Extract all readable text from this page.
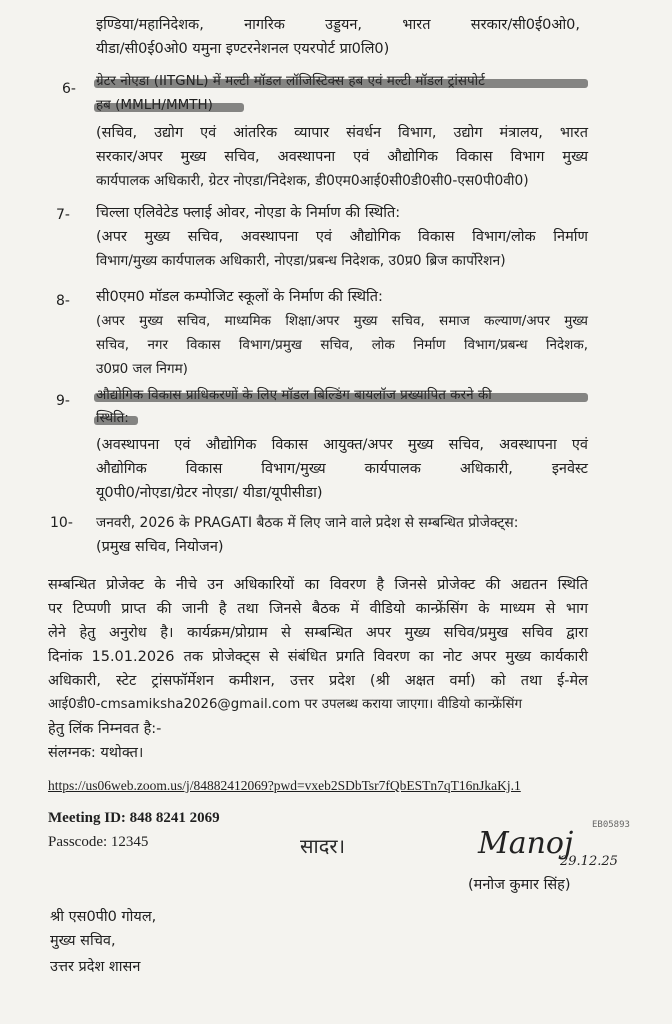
इण्डिया/महानिदेशक, नागरिक उड्डयन, भारत सरकार/सी0ई0ओ0,
यीडा/सी0ई0ओ0 यमुना इण्टरनेशनल एयरपोर्ट प्रा0लि0)
6-
(सचिव, उद्योग एवं आंतरिक व्यापार संवर्धन विभाग, उद्योग मंत्रालय, भारत
सरकार/अपर मुख्य सचिव, अवस्थापना एवं औद्योगिक विकास विभाग मुख्य
कार्यपालक अधिकारी, ग्रेटर नोएडा/निदेशक, डी0एम0आई0सी0डी0सी0-एस0पी0वी0)
7- चिल्ला एलिवेटेड फ्लाई ओवर, नोएडा के निर्माण की स्थिति:
(अपर मुख्य सचिव, अवस्थापना एवं औद्योगिक विकास विभाग/लोक निर्माण
विभाग/मुख्य कार्यपालक अधिकारी, नोएडा/प्रबन्ध निदेशक, उ0प्र0 ब्रिज कार्पोरेशन)
8- सी0एम0 मॉडल कम्पोजिट स्कूलों के निर्माण की स्थिति:
(अपर मुख्य सचिव, माध्यमिक शिक्षा/अपर मुख्य सचिव, समाज कल्याण/अपर मुख्य
सचिव, नगर विकास विभाग/प्रमुख सचिव, लोक निर्माण विभाग/प्रबन्ध निदेशक,
उ0प्र0 जल निगम)
9-
(अवस्थापना एवं औद्योगिक विकास आयुक्त/अपर मुख्य सचिव, अवस्थापना एवं
औद्योगिक विकास विभाग/मुख्य कार्यपालक अधिकारी, इनवेस्ट
यू0पी0/नोएडा/ग्रेटर नोएडा/ यीडा/यूपीसीडा)
10- जनवरी, 2026 के PRAGATI बैठक में लिए जाने वाले प्रदेश से सम्बन्धित प्रोजेक्ट्स:
(प्रमुख सचिव, नियोजन)
सम्बन्धित प्रोजेक्ट के नीचे उन अधिकारियों का विवरण है जिनसे प्रोजेक्ट की अद्यतन स्थिति
पर टिप्पणी प्राप्त की जानी है तथा जिनसे बैठक में वीडियो कान्फ्रेंसिंग के माध्यम से भाग
लेने हेतु अनुरोध है। कार्यक्रम/प्रोग्राम से सम्बन्धित अपर मुख्य सचिव/प्रमुख सचिव द्वारा
दिनांक 15.01.2026 तक प्रोजेक्ट्स से संबंधित प्रगति विवरण का नोट अपर मुख्य कार्यकारी
अधिकारी, स्टेट ट्रांसफॉर्मेशन कमीशन, उत्तर प्रदेश (श्री अक्षत वर्मा) को तथा ई-मेल
आई0डी0-cmsamiksha2026@gmail.com पर उपलब्ध कराया जाएगा। वीडियो कान्फ्रेंसिंग
हेतु लिंक निम्नवत है:-
संलग्नक: यथोक्त।
https://us06web.zoom.us/j/84882412069?pwd=vxeb2SDbTsr7fQbESTn7qT16nJkaKj.1
Meeting ID: 848 8241 2069
Passcode: 12345	सादर।	Manoj
29.12.25
(मनोज कुमार सिंह)
EB05893
श्री एस0पी0 गोयल,
मुख्य सचिव,
उत्तर प्रदेश शासन
